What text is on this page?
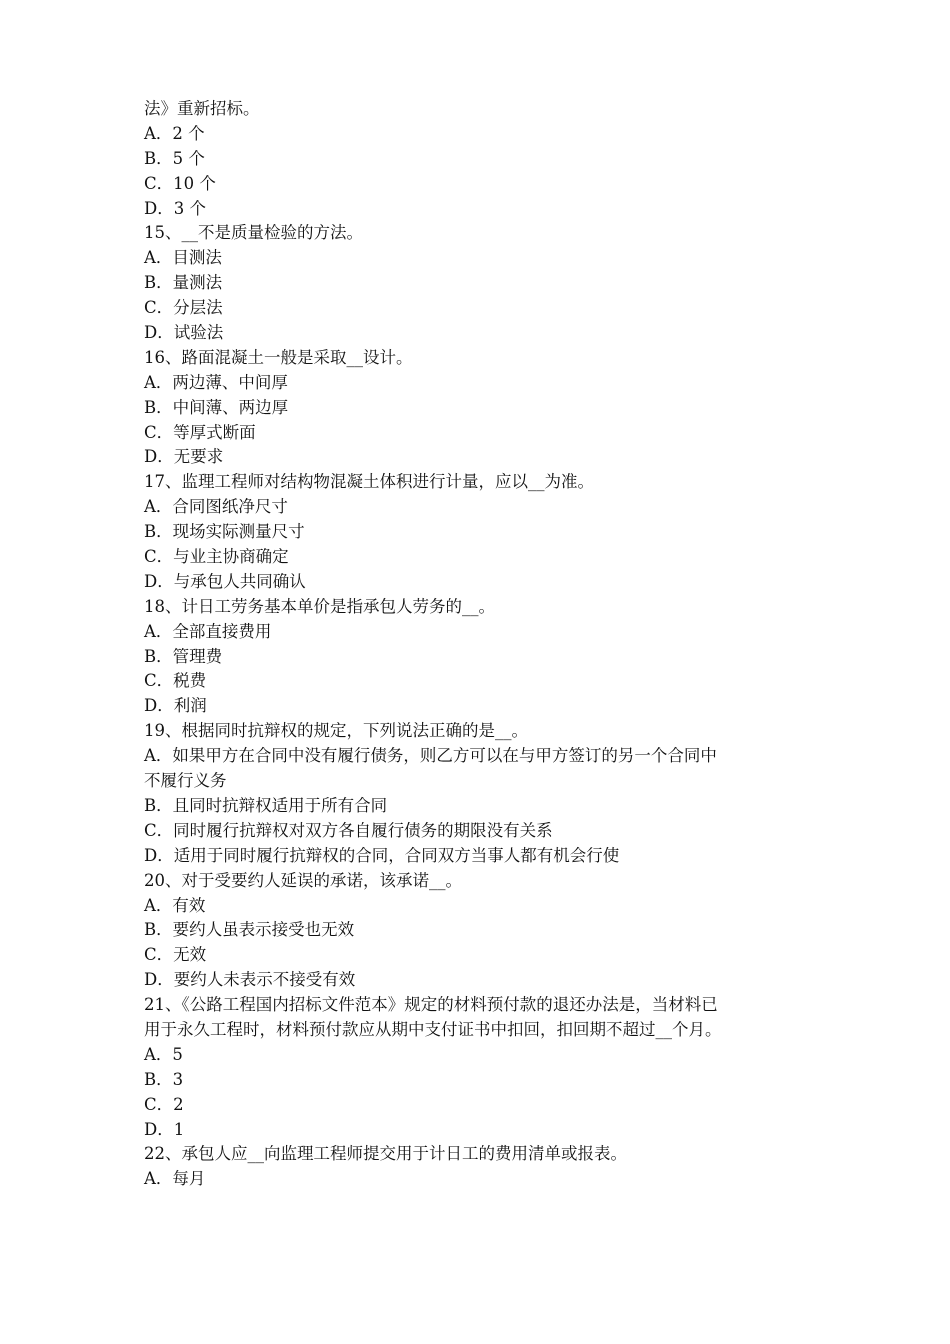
法》重新招标。
A．2 个
B．5 个
C．10 个
D．3 个
15、__不是质量检验的方法。
A．目测法
B．量测法
C．分层法
D．试验法
16、路面混凝土一般是采取__设计。
A．两边薄、中间厚
B．中间薄、两边厚
C．等厚式断面
D．无要求
17、监理工程师对结构物混凝土体积进行计量，应以__为准。
A．合同图纸净尺寸
B．现场实际测量尺寸
C．与业主协商确定
D．与承包人共同确认
18、计日工劳务基本单价是指承包人劳务的__。
A．全部直接费用
B．管理费
C．税费
D．利润
19、根据同时抗辩权的规定，下列说法正确的是__。
A．如果甲方在合同中没有履行债务，则乙方可以在与甲方签订的另一个合同中
不履行义务
B．且同时抗辩权适用于所有合同
C．同时履行抗辩权对双方各自履行债务的期限没有关系
D．适用于同时履行抗辩权的合同，合同双方当事人都有机会行使
20、对于受要约人延误的承诺，该承诺__。
A．有效
B．要约人虽表示接受也无效
C．无效
D．要约人未表示不接受有效
21、《公路工程国内招标文件范本》规定的材料预付款的退还办法是，当材料已
用于永久工程时，材料预付款应从期中支付证书中扣回，扣回期不超过__个月。
A．5
B．3
C．2
D．1
22、承包人应__向监理工程师提交用于计日工的费用清单或报表。
A．每月
